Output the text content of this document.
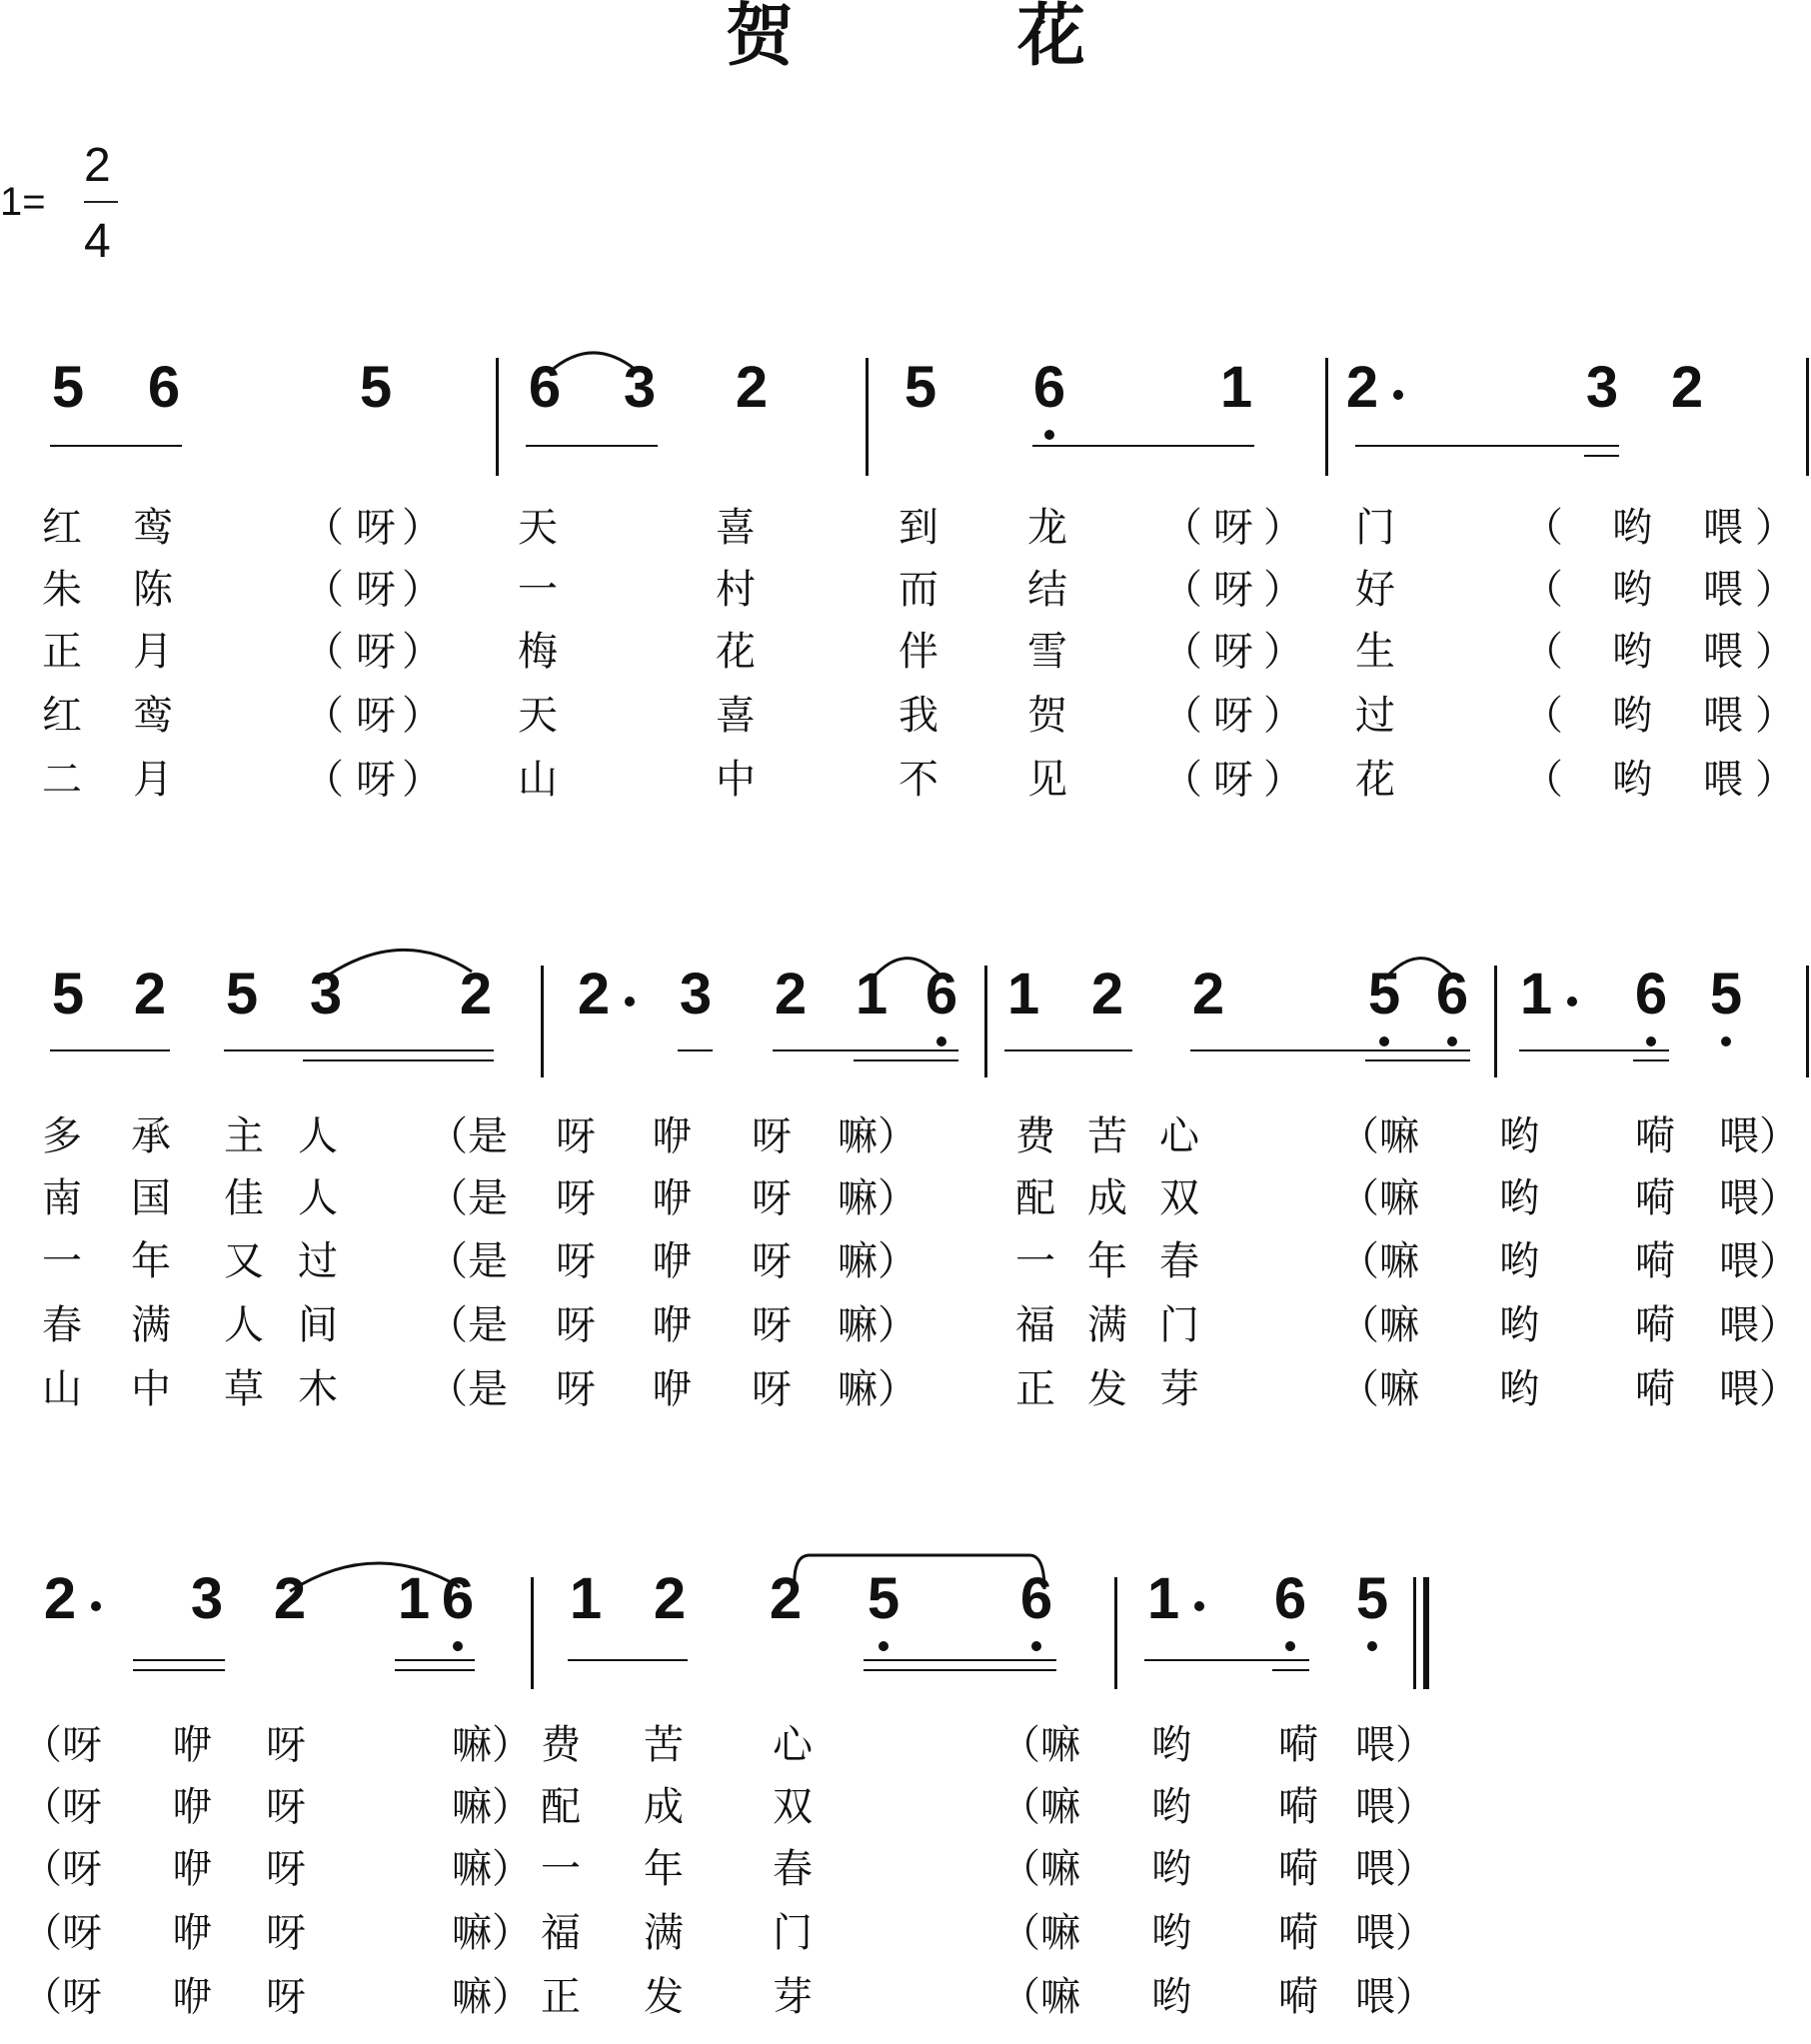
贺 花
1=
2
4
5 6	5 6 3 2 5 6	1 2	3 2
5 2 5 3 2 2 3 2 1 6 1 2 2 5 6 1 6 5
2 3 2 1 6 1 2 2 5 6 1 6 5
红 鸾	（ 呀 ） 天	喜	到 龙 （ 呀 ） 门	（ 哟 喂 ）
朱 陈	（ 呀 ） 一	村	而 结 （ 呀 ） 好	（ 哟 喂 ）
正 月	（ 呀 ） 梅	花	伴 雪 （ 呀 ） 生	（ 哟 喂 ）
红 鸾	（ 呀 ） 天	喜	我 贺 （ 呀 ） 过	（ 哟 喂 ）
二 月	（ 呀 ） 山	中	不 见 （ 呀 ） 花	（ 哟 喂 ）
多 承 主 人 （是 呀 咿 呀 嘛） 费 苦 心	（嘛 哟 嗬 喂）
南 国 佳 人 （是 呀 咿 呀 嘛） 配 成 双	（嘛 哟 嗬 喂）
一 年 又 过 （是 呀 咿 呀 嘛） 一 年 春	（嘛 哟 嗬 喂）
春 满 人 间 （是 呀 咿 呀 嘛） 福 满 门	（嘛 哟 嗬 喂）
山 中 草 木 （是 呀 咿 呀 嘛） 正 发 芽	（嘛 哟 嗬 喂）
（呀 咿 呀	嘛） 费 苦 心	（嘛 哟 嗬 喂）
（呀 咿 呀	嘛） 配 成 双	（嘛 哟 嗬 喂）
（呀 咿 呀	嘛） 一 年 春	（嘛 哟 嗬 喂）
（呀 咿 呀	嘛） 福 满 门	（嘛 哟 嗬 喂）
（呀 咿 呀	嘛） 正 发 芽	（嘛 哟 嗬 喂）
